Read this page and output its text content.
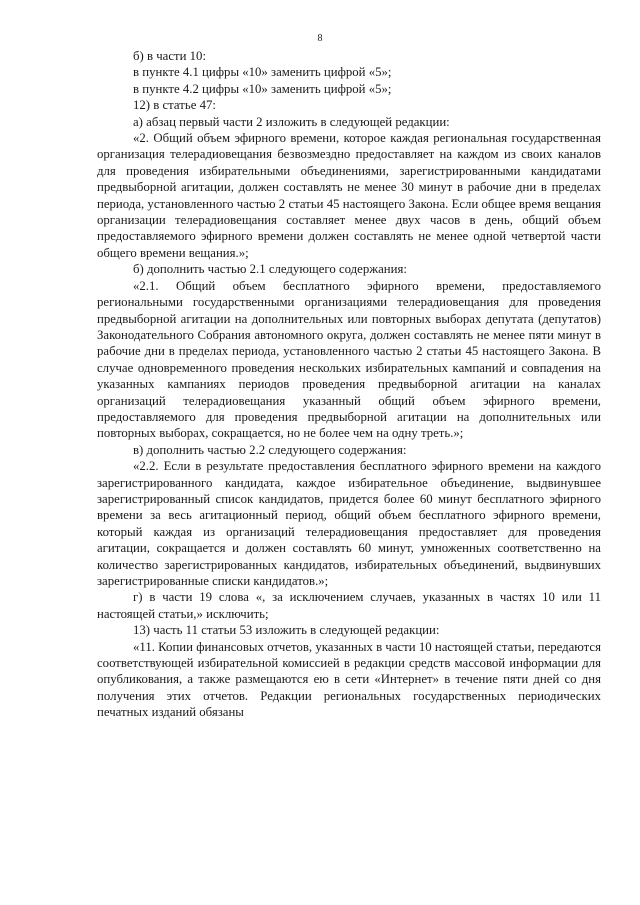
8

б) в части 10:

в пункте 4.1 цифры «10» заменить цифрой «5»;

в пункте 4.2 цифры «10» заменить цифрой «5»;

12) в статье 47:

а) абзац первый части 2 изложить в следующей редакции:

«2. Общий объем эфирного времени, которое каждая региональная государственная организация телерадиовещания безвозмездно предоставляет на каждом из своих каналов для проведения избирательными объединениями, зарегистрированными кандидатами предвыборной агитации, должен составлять не менее 30 минут в рабочие дни в пределах периода, установленного частью 2 статьи 45 настоящего Закона. Если общее время вещания организации телерадиовещания составляет менее двух часов в день, общий объем предоставляемого эфирного времени должен составлять не менее одной четвертой части общего времени вещания.»;

б) дополнить частью 2.1 следующего содержания:

«2.1. Общий объем бесплатного эфирного времени, предоставляемого региональными государственными организациями телерадиовещания для проведения предвыборной агитации на дополнительных или повторных выборах депутата (депутатов) Законодательного Собрания автономного округа, должен составлять не менее пяти минут в рабочие дни в пределах периода, установленного частью 2 статьи 45 настоящего Закона. В случае одновременного проведения нескольких избирательных кампаний и совпадения на указанных кампаниях периодов проведения предвыборной агитации на каналах организаций телерадиовещания указанный общий объем эфирного времени, предоставляемого для проведения предвыборной агитации на дополнительных или повторных выборах, сокращается, но не более чем на одну треть.»;

в) дополнить частью 2.2 следующего содержания:

«2.2. Если в результате предоставления бесплатного эфирного времени на каждого зарегистрированного кандидата, каждое избирательное объединение, выдвинувшее зарегистрированный список кандидатов, придется более 60 минут бесплатного эфирного времени за весь агитационный период, общий объем бесплатного эфирного времени, который каждая из организаций телерадиовещания предоставляет для проведения агитации, сокращается и должен составлять 60 минут, умноженных соответственно на количество зарегистрированных кандидатов, избирательных объединений, выдвинувших зарегистрированные списки кандидатов.»;

г) в части 19 слова «, за исключением случаев, указанных в частях 10 или 11 настоящей статьи,» исключить;

13) часть 11 статьи 53 изложить в следующей редакции:

«11. Копии финансовых отчетов, указанных в части 10 настоящей статьи, передаются соответствующей избирательной комиссией в редакции средств массовой информации для опубликования, а также размещаются ею в сети «Интернет» в течение пяти дней со дня получения этих отчетов. Редакции региональных государственных периодических печатных изданий обязаны
